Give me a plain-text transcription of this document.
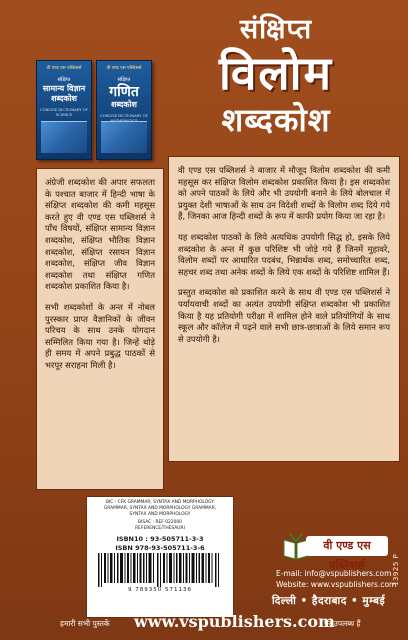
वी एण्ड एस पब्लिशर्स
संक्षिप्त
सामान्य विज्ञान
शब्दकोश
CONCISE DICTIONARY OF SCIENCE
वी एण्ड एस पब्लिशर्स
संक्षिप्त
गणित
शब्दकोश
CONCISE DICTIONARY OF
संक्षिप्त
विलोम
शब्दकोश

अंग्रेजी शब्दकोश की अपार सफलता के पश्चात बाजार में हिन्दी भाषा के संक्षिप्त शब्दकोश की कमी महसूस करते हुए वी एण्ड एस पब्लिशर्स ने पाँच विषयों, संक्षिप्त सामान्य विज्ञान शब्दकोश, संक्षिप्त भौतिक विज्ञान शब्दकोश, संक्षिप्त रसायन विज्ञान शब्दकोश, संक्षिप्त जीव विज्ञान शब्दकोश तथा संक्षिप्त गणित शब्दकोश प्रकाशित किया है।

सभी शब्दकोशों के अन्त में नोबल पुरस्कार प्राप्त वैज्ञानिकों के जीवन परिचय के साथ उनके योगदान सम्मिलित किया गया है। जिन्हें थोड़े ही समय में अपने प्रबुद्ध पाठकों से भरपूर सराहना मिली है।

वी एण्ड एस पब्लिशर्स ने बाजार में मौजूद विलोम शब्दकोश की कमी महसूस कर संक्षिप्त विलोम शब्दकोश प्रकाशित किया है। इस शब्दकोश को अपने पाठकों के लिये और भी उपयोगी बनाने के लिये बोलचाल में प्रयुक्त देशी भाषाओं के साथ उन विदेशी शब्दों के विलोम शब्द दिये गये हैं, जिनका आज हिन्दी शब्दों के रूप में काफी प्रयोग किया जा रहा है।

यह शब्दकोश पाठकों के लिये अत्यधिक उपयोगी सिद्ध हो, इसके लिये शब्दकोश के अन्त में कुछ परिशिष्ट भी जोड़े गये हैं जिनमें मुहावरे, विलोम शब्दों पर आधारित पदबंध, भिन्नार्थक शब्द, समोच्चारित शब्द, सहचर शब्द तथा अनेक शब्दों के लिये एक शब्दों के परिशिष्ट शामिल हैं।

प्रस्तुत शब्दकोश को प्रकाशित करने के साथ वी एण्ड एस पब्लिशर्स ने पर्यायवाची शब्दों का अत्यंत उपयोगी संक्षिप्त शब्दकोश भी प्रकाशित किया है यह प्रतियोगी परीक्षा में शामिल होने वाले प्रतियोगियों के साथ स्कूल और कॉलेज में पढ़ने वाले सभी छात्र-छात्राओं के लिये समान रूप से उपयोगी है।

BIC : CFK GRAMMAR, SYNTAX AND MORPHOLOGY
GRAMMAR, SYNTAX AND MORPHOLOGY GRAMMAR,
SYNTAX AND MORPHOLOGY
BISAC : REF 022000
REFERENCE/THESAURI
ISBN10 : 93-505711-3-3
ISBN 978-93-505711-3-6
9 789350 571136
13925 P
वी एण्ड एस पब्लिशर्स
E-mail: info@vspublishers.com
Website: www.vspublishers.com
दिल्ली • हैदराबाद • मुम्बई
हमारी सभी पुस्तकें www.vspublishers.com
पर उपलब्ध हैं
